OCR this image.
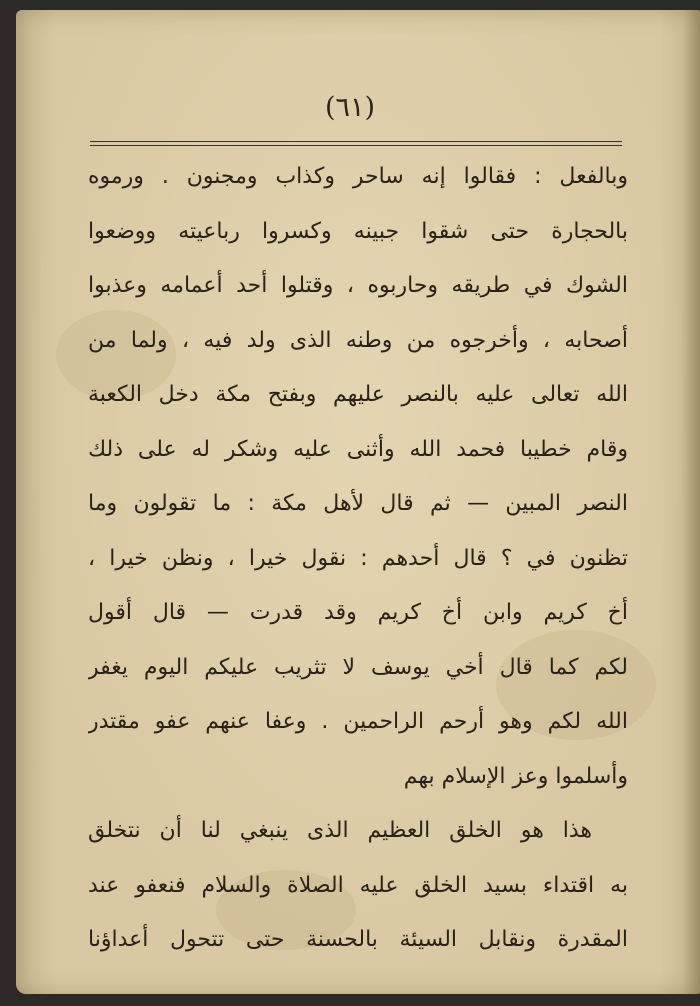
(٦١)
وبالفعل : فقالوا إنه ساحر وكذاب ومجنون . ورموه
بالحجارة حتى شقوا جبينه وكسروا رباعيته ووضعوا
الشوك في طريقه وحاربوه ، وقتلوا أحد أعمامه وعذبوا
أصحابه ، وأخرجوه من وطنه الذى ولد فيه ، ولما من
الله تعالى عليه بالنصر عليهم وبفتح مكة دخل الكعبة
وقام خطيبا فحمد الله وأثنى عليه وشكر له على ذلك
النصر المبين — ثم قال لأهل مكة : ما تقولون وما
تظنون في ؟ قال أحدهم : نقول خيرا ، ونظن خيرا ،
أخ كريم وابن أخ كريم وقد قدرت — قال أقول
لكم كما قال أخي يوسف لا تثريب عليكم اليوم يغفر
الله لكم وهو أرحم الراحمين . وعفا عنهم عفو مقتدر
وأسلموا وعز الإسلام بهم
هذا هو الخلق العظيم الذى ينبغي لنا أن نتخلق
به اقتداء بسيد الخلق عليه الصلاة والسلام فنعفو عند
المقدرة ونقابل السيئة بالحسنة حتى تتحول أعداؤنا
